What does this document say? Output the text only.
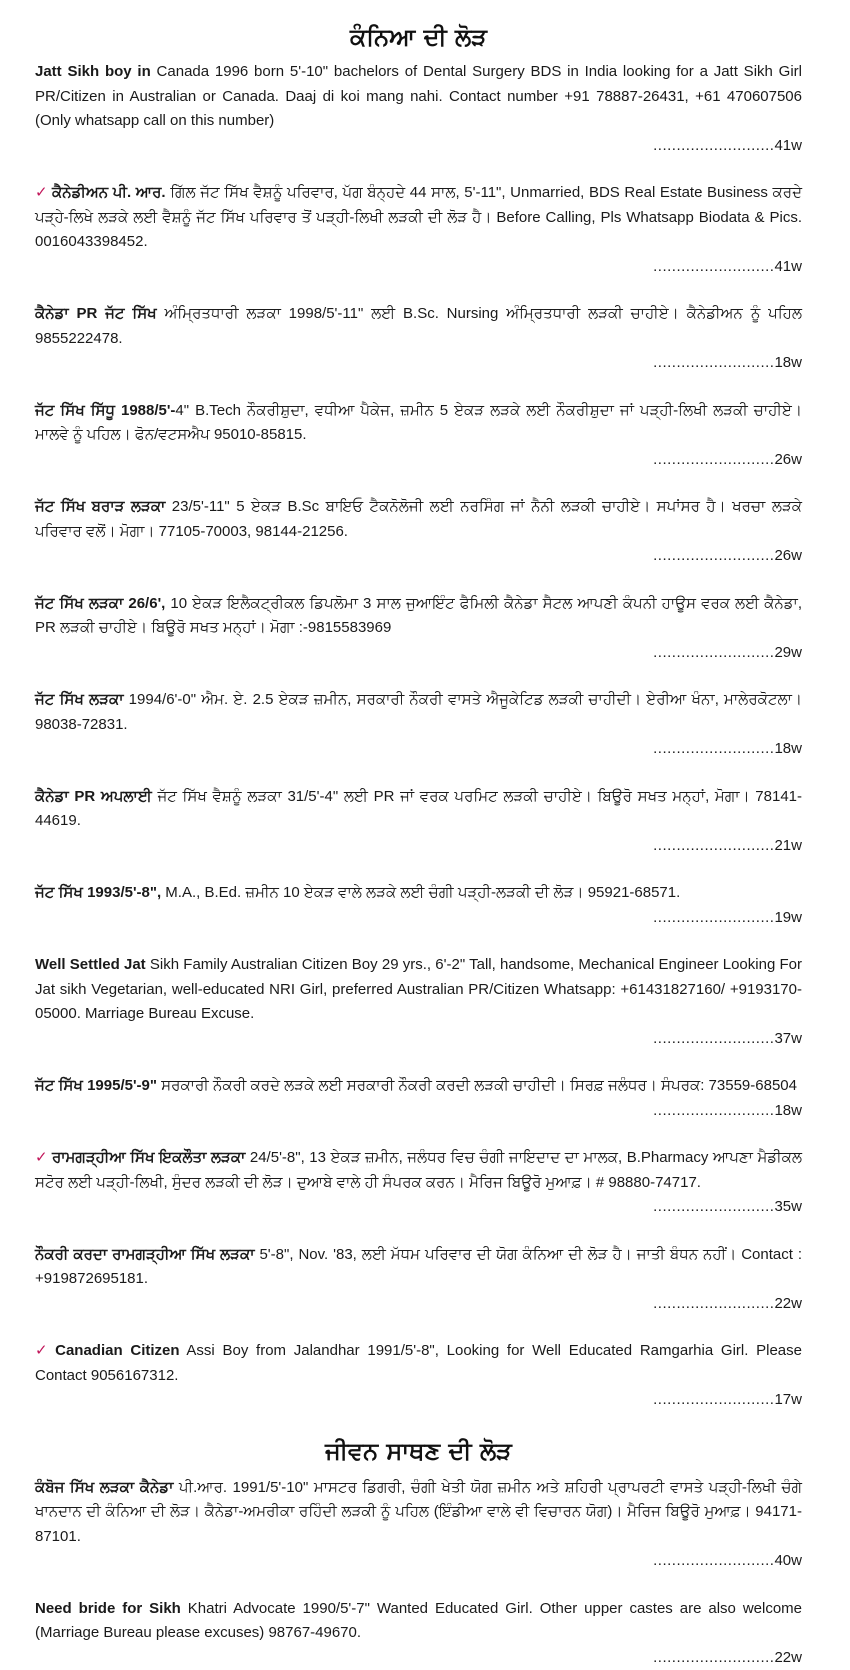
ਕੰਨਿਆ ਦੀ ਲੋੜ

Jatt Sikh boy in Canada 1996 born 5'-10" bachelors of Dental Surgery BDS in India looking for a Jatt Sikh Girl PR/Citizen in Australian or Canada. Daaj di koi mang nahi. Contact number +91 78887-26431, +61 470607506 (Only whatsapp call on this number)
..........................41w

✓ ਕੈਨੇਡੀਅਨ ਪੀ. ਆਰ. ਗਿੱਲ ਜੱਟ ਸਿੱਖ ਵੈਸ਼ਨੂੰ ਪਰਿਵਾਰ, ਪੱਗ ਬੰਨ੍ਹਦੇ 44 ਸਾਲ, 5'-11", Unmarried, BDS Real Estate Business ਕਰਦੇ ਪੜ੍ਹੇ-ਲਿਖੇ ਲੜਕੇ ਲਈ ਵੈਸ਼ਨੂੰ ਜੱਟ ਸਿੱਖ ਪਰਿਵਾਰ ਤੋਂ ਪੜ੍ਹੀ-ਲਿਖੀ ਲੜਕੀ ਦੀ ਲੋੜ ਹੈ। Before Calling, Pls Whatsapp Biodata & Pics. 0016043398452.
..........................41w

ਕੈਨੇਡਾ PR ਜੱਟ ਸਿੱਖ ਅੰਮ੍ਰਿਤਧਾਰੀ ਲੜਕਾ 1998/5'-11" ਲਈ B.Sc. Nursing ਅੰਮ੍ਰਿਤਧਾਰੀ ਲੜਕੀ ਚਾਹੀਏ। ਕੈਨੇਡੀਅਨ ਨੂੰ ਪਹਿਲ 9855222478.
..........................18w

ਜੱਟ ਸਿੱਖ ਸਿੱਧੂ 1988/5'-4" B.Tech ਨੌਕਰੀਸ਼ੁਦਾ, ਵਧੀਆ ਪੈਕੇਜ, ਜ਼ਮੀਨ 5 ਏਕੜ ਲੜਕੇ ਲਈ ਨੌਕਰੀਸ਼ੁਦਾ ਜਾਂ ਪੜ੍ਹੀ-ਲਿਖੀ ਲੜਕੀ ਚਾਹੀਏ। ਮਾਲਵੇ ਨੂੰ ਪਹਿਲ। ਫੋਨ/ਵਟਸਐਪ 95010-85815.
..........................26w

ਜੱਟ ਸਿੱਖ ਬਰਾੜ ਲੜਕਾ 23/5'-11" 5 ਏਕੜ B.Sc ਬਾਇਓ ਟੈਕਨੋਲੋਜੀ ਲਈ ਨਰਸਿੰਗ ਜਾਂ ਨੈਨੀ ਲੜਕੀ ਚਾਹੀਏ। ਸਪਾਂਸਰ ਹੈ। ਖਰਚਾ ਲੜਕੇ ਪਰਿਵਾਰ ਵਲੋਂ। ਮੋਗਾ। 77105-70003, 98144-21256.
..........................26w

ਜੱਟ ਸਿੱਖ ਲੜਕਾ 26/6', 10 ਏਕੜ ਇਲੈਕਟ੍ਰੀਕਲ ਡਿਪਲੋਮਾ 3 ਸਾਲ ਜੁਆਇੰਟ ਫੈਮਿਲੀ ਕੈਨੇਡਾ ਸੈਟਲ ਆਪਣੀ ਕੰਪਨੀ ਹਾਊਸ ਵਰਕ ਲਈ ਕੈਨੇਡਾ, PR ਲੜਕੀ ਚਾਹੀਏ। ਬਿਊਰੋ ਸਖਤ ਮਨ੍ਹਾਂ। ਮੋਗਾ :-9815583969
..........................29w

ਜੱਟ ਸਿੱਖ ਲੜਕਾ 1994/6'-0" ਐਮ. ਏ. 2.5 ਏਕੜ ਜ਼ਮੀਨ, ਸਰਕਾਰੀ ਨੌਕਰੀ ਵਾਸਤੇ ਐਜੂਕੇਟਿਡ ਲੜਕੀ ਚਾਹੀਦੀ। ਏਰੀਆ ਖੰਨਾ, ਮਾਲੇਰਕੋਟਲਾ। 98038-72831.
..........................18w

ਕੈਨੇਡਾ PR ਅਪਲਾਈ ਜੱਟ ਸਿੱਖ ਵੈਸ਼ਨੂੰ ਲੜਕਾ 31/5'-4" ਲਈ PR ਜਾਂ ਵਰਕ ਪਰਮਿਟ ਲੜਕੀ ਚਾਹੀਏ। ਬਿਊਰੋ ਸਖਤ ਮਨ੍ਹਾਂ, ਮੋਗਾ। 78141-44619.
..........................21w

ਜੱਟ ਸਿੱਖ 1993/5'-8", M.A., B.Ed. ਜ਼ਮੀਨ 10 ਏਕੜ ਵਾਲੇ ਲੜਕੇ ਲਈ ਚੰਗੀ ਪੜ੍ਹੀ-ਲੜਕੀ ਦੀ ਲੋੜ। 95921-68571.
..........................19w

Well Settled Jat Sikh Family Australian Citizen Boy 29 yrs., 6'-2" Tall, handsome, Mechanical Engineer Looking For Jat sikh Vegetarian, well-educated NRI Girl, preferred Australian PR/Citizen Whatsapp: +61431827160/ +9193170-05000. Marriage Bureau Excuse.
..........................37w

ਜੱਟ ਸਿੱਖ 1995/5'-9" ਸਰਕਾਰੀ ਨੌਕਰੀ ਕਰਦੇ ਲੜਕੇ ਲਈ ਸਰਕਾਰੀ ਨੌਕਰੀ ਕਰਦੀ ਲੜਕੀ ਚਾਹੀਦੀ। ਸਿਰਫ਼ ਜਲੰਧਰ। ਸੰਪਰਕ: 73559-68504
..........................18w

✓ ਰਾਮਗੜ੍ਹੀਆ ਸਿੱਖ ਇਕਲੌਤਾ ਲੜਕਾ 24/5'-8", 13 ਏਕੜ ਜ਼ਮੀਨ, ਜਲੰਧਰ ਵਿਚ ਚੰਗੀ ਜਾਇਦਾਦ ਦਾ ਮਾਲਕ, B.Pharmacy ਆਪਣਾ ਮੈਡੀਕਲ ਸਟੋਰ ਲਈ ਪੜ੍ਹੀ-ਲਿਖੀ, ਸੁੰਦਰ ਲੜਕੀ ਦੀ ਲੋੜ। ਦੁਆਬੇ ਵਾਲੇ ਹੀ ਸੰਪਰਕ ਕਰਨ। ਮੈਰਿਜ ਬਿਊਰੋ ਮੁਆਫ਼। # 98880-74717.
..........................35w

ਨੌਕਰੀ ਕਰਦਾ ਰਾਮਗੜ੍ਹੀਆ ਸਿੱਖ ਲੜਕਾ 5'-8", Nov. '83, ਲਈ ਮੱਧਮ ਪਰਿਵਾਰ ਦੀ ਯੋਗ ਕੰਨਿਆ ਦੀ ਲੋੜ ਹੈ। ਜਾਤੀ ਬੰਧਨ ਨਹੀਂ। Contact : +919872695181.
..........................22w

✓ Canadian Citizen Assi Boy from Jalandhar 1991/5'-8", Looking for Well Educated Ramgarhia Girl. Please Contact 9056167312.
..........................17w

ਜੀਵਨ ਸਾਥਣ ਦੀ ਲੋੜ

ਕੰਬੋਜ ਸਿੱਖ ਲੜਕਾ ਕੈਨੇਡਾ ਪੀ.ਆਰ. 1991/5'-10" ਮਾਸਟਰ ਡਿਗਰੀ, ਚੰਗੀ ਖੇਤੀ ਯੋਗ ਜ਼ਮੀਨ ਅਤੇ ਸ਼ਹਿਰੀ ਪ੍ਰਾਪਰਟੀ ਵਾਸਤੇ ਪੜ੍ਹੀ-ਲਿਖੀ ਚੰਗੇ ਖਾਨਦਾਨ ਦੀ ਕੰਨਿਆ ਦੀ ਲੋੜ। ਕੈਨੇਡਾ-ਅਮਰੀਕਾ ਰਹਿੰਦੀ ਲੜਕੀ ਨੂੰ ਪਹਿਲ (ਇੰਡੀਆ ਵਾਲੇ ਵੀ ਵਿਚਾਰਨ ਯੋਗ)। ਮੈਰਿਜ ਬਿਊਰੋ ਮੁਆਫ਼। 94171-87101.
..........................40w

Need bride for Sikh Khatri Advocate 1990/5'-7" Wanted Educated Girl. Other upper castes are also welcome (Marriage Bureau please excuses) 98767-49670.
..........................22w
